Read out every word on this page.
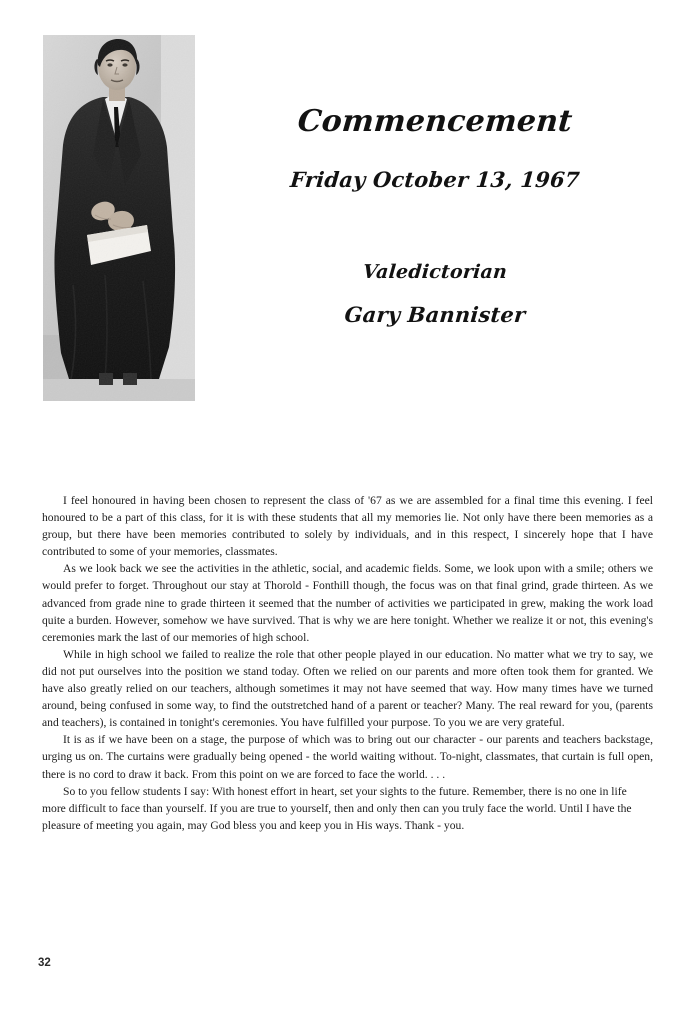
Commencement
Friday October 13, 1967
Valedictorian
Gary Bannister

I feel honoured in having been chosen to represent the class of '67 as we are assembled for a final time this evening. I feel honoured to be a part of this class, for it is with these students that all my memories lie. Not only have there been memories as a group, but there have been memories contributed to solely by individuals, and in this respect, I sincerely hope that I have contributed to some of your memories, classmates.

As we look back we see the activities in the athletic, social, and academic fields. Some, we look upon with a smile; others we would prefer to forget. Throughout our stay at Thorold - Fonthill though, the focus was on that final grind, grade thirteen. As we advanced from grade nine to grade thirteen it seemed that the number of activities we participated in grew, making the work load quite a burden. However, somehow we have survived. That is why we are here tonight. Whether we realize it or not, this evening's ceremonies mark the last of our memories of high school.

While in high school we failed to realize the role that other people played in our education. No matter what we try to say, we did not put ourselves into the position we stand today. Often we relied on our parents and more often took them for granted. We have also greatly relied on our teachers, although sometimes it may not have seemed that way. How many times have we turned around, being confused in some way, to find the outstretched hand of a parent or teacher? Many. The real reward for you, (parents and teachers), is contained in tonight's ceremonies. You have fulfilled your purpose. To you we are very grateful.

It is as if we have been on a stage, the purpose of which was to bring out our character - our parents and teachers backstage, urging us on. The curtains were gradually being opened - the world waiting without. To-night, classmates, that curtain is full open, there is no cord to draw it back. From this point on we are forced to face the world. . . .

So to you fellow students I say: With honest effort in heart, set your sights to the future. Remember, there is no one in life more difficult to face than yourself. If you are true to yourself, then and only then can you truly face the world. Until I have the pleasure of meeting you again, may God bless you and keep you in His ways. Thank - you.

32
